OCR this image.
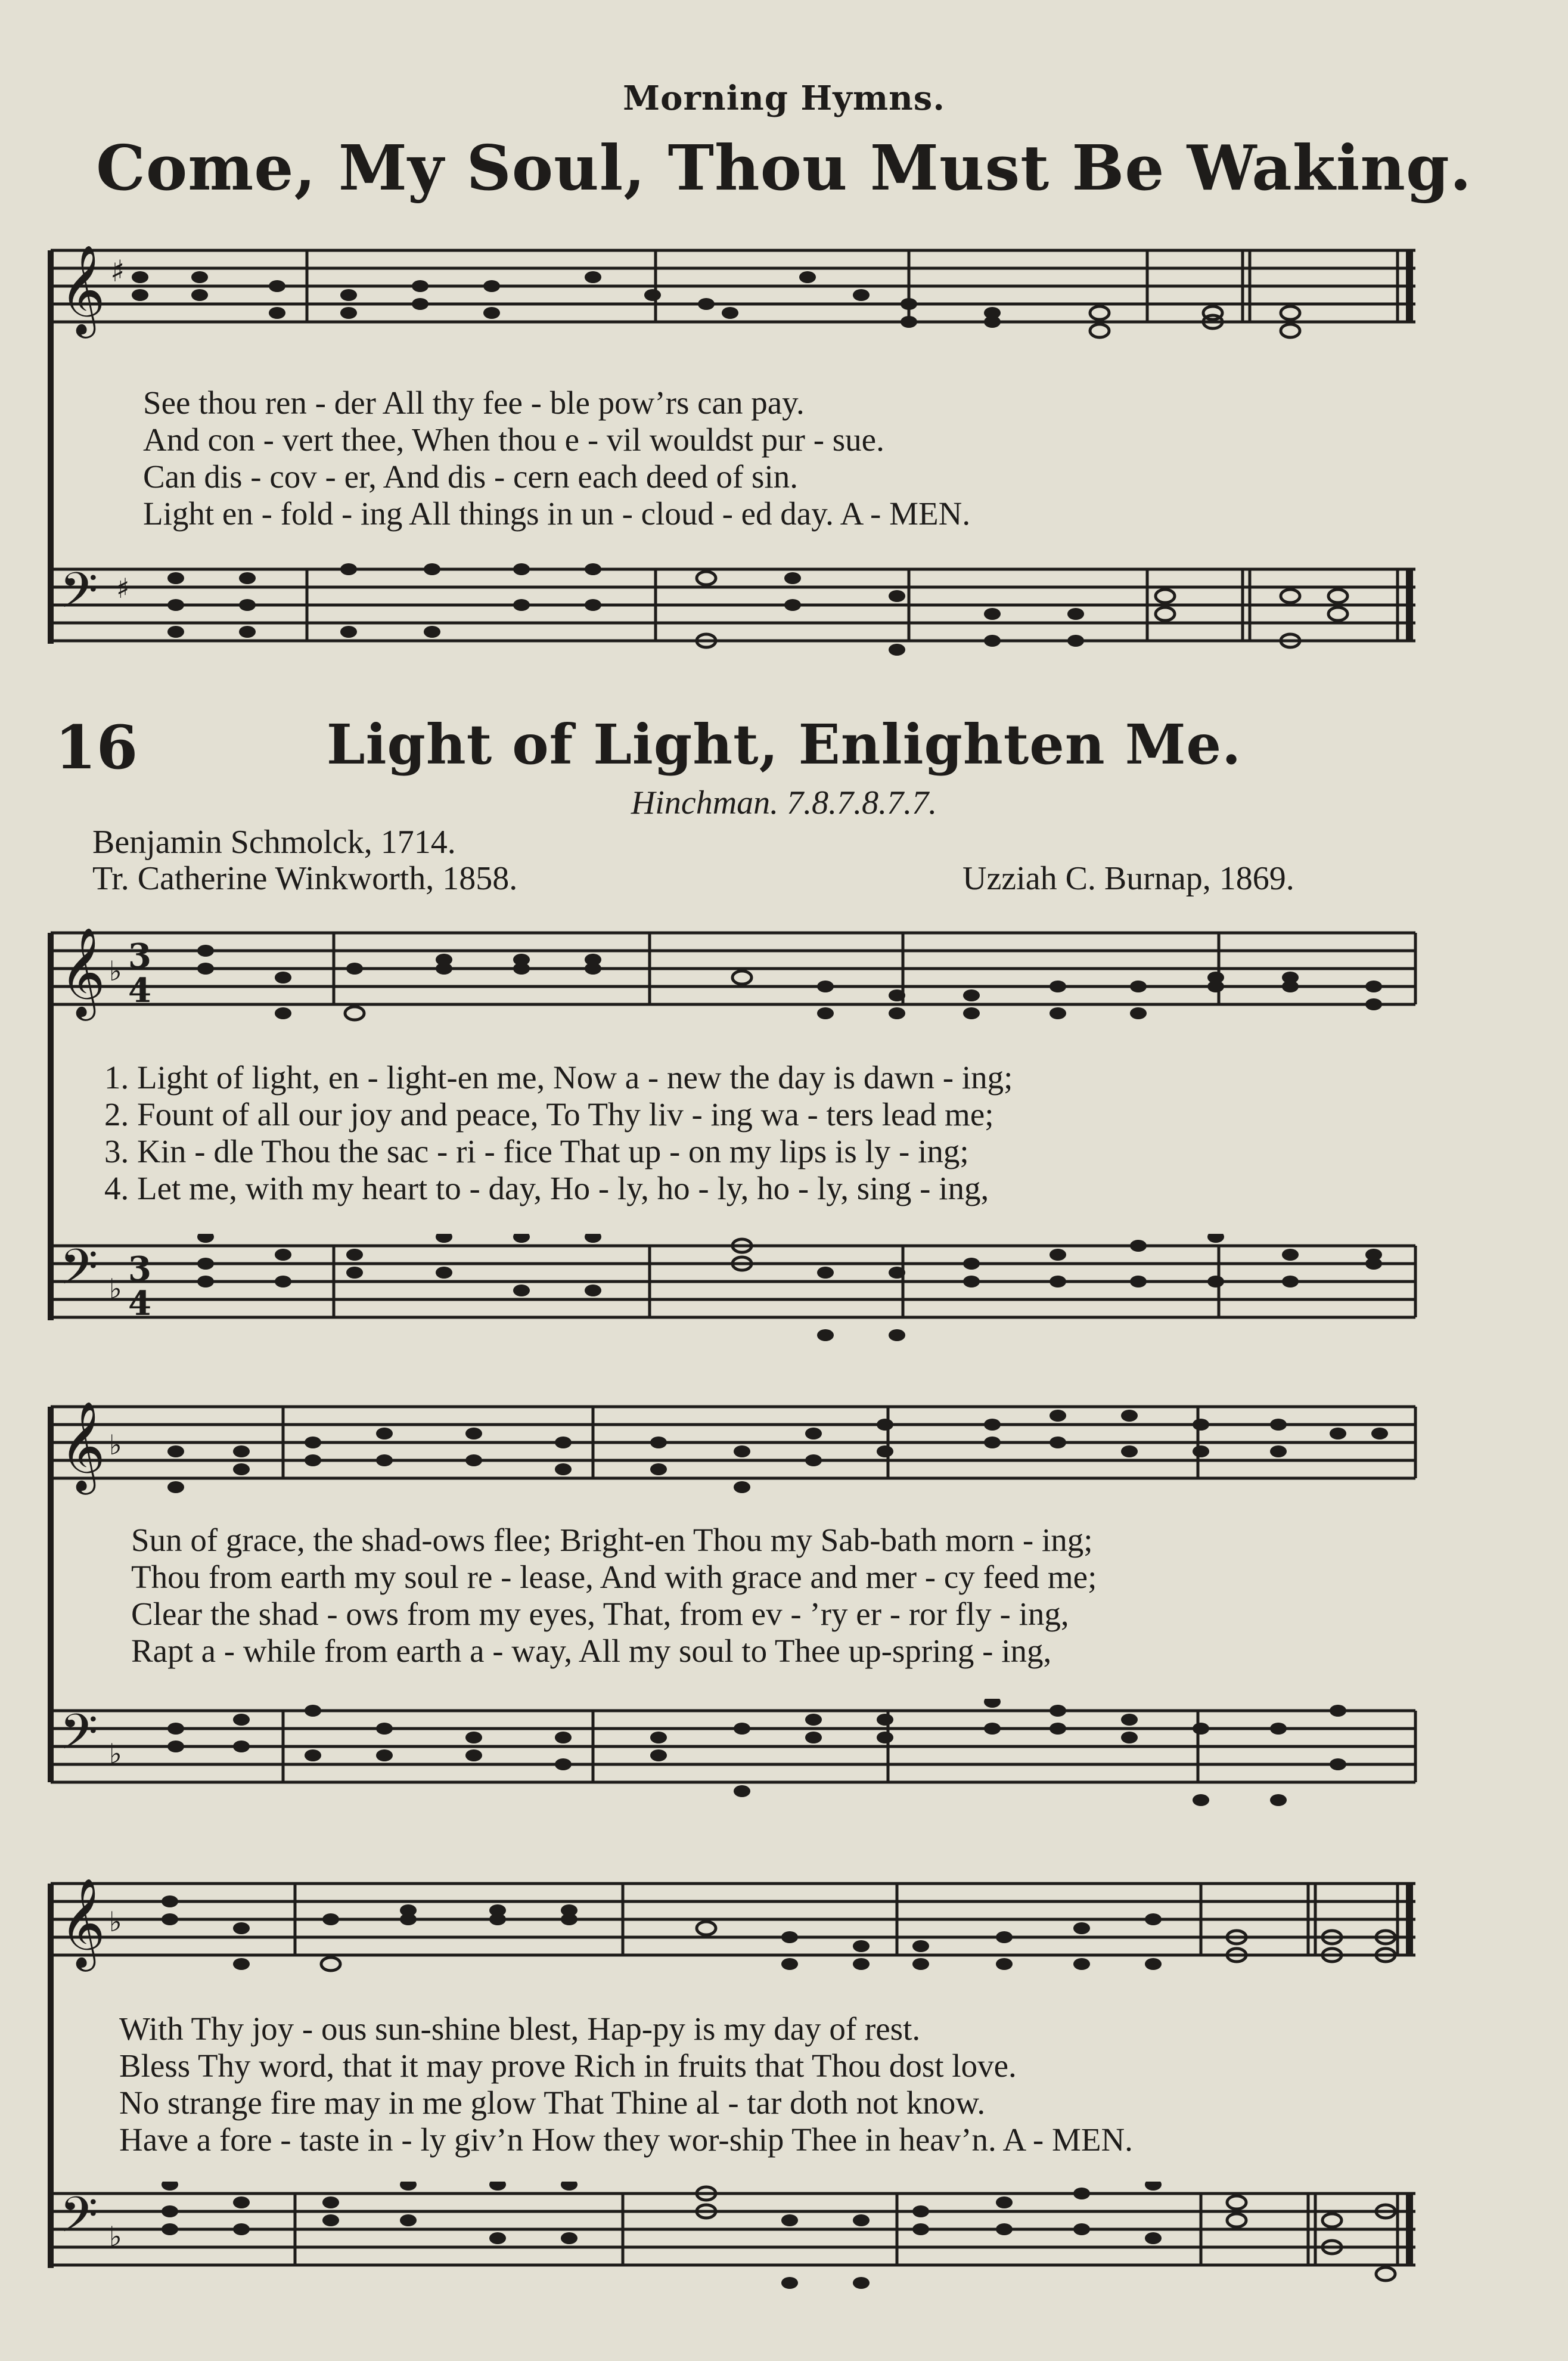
Morning Hymns.
Come, My Soul, Thou Must Be Waking.
𝄞 ♯
See thou ren - der All thy fee - ble pow’rs can pay.
And con - vert thee, When thou e - vil wouldst pur - sue.
Can dis - cov - er, And dis - cern each deed of sin.
Light en - fold - ing All things in un - cloud - ed day. A - MEN.
𝄢 ♯
16	Light of Light, Enlighten Me.
Hinchman. 7.8.7.8.7.7.
Benjamin Schmolck, 1714.
Tr. Catherine Winkworth, 1858.	Uzziah C. Burnap, 1869.
𝄞 ♭ 3
4
1. Light of light, en - light-en me, Now a - new the day is dawn - ing;
2. Fount of all our joy and peace, To Thy liv - ing wa - ters lead me;
3. Kin - dle Thou the sac - ri - fice That up - on my lips is ly - ing;
4. Let me, with my heart to - day, Ho - ly, ho - ly, ho - ly, sing - ing,
𝄢 ♭ 3
4
𝄞 ♭
Sun of grace, the shad-ows flee; Bright-en Thou my Sab-bath morn - ing;
Thou from earth my soul re - lease, And with grace and mer - cy feed me;
Clear the shad - ows from my eyes, That, from ev - ’ry er - ror fly - ing,
Rapt a - while from earth a - way, All my soul to Thee up-spring - ing,
𝄢 ♭
𝄞 ♭
With Thy joy - ous sun-shine blest, Hap-py is my day of rest.
Bless Thy word, that it may prove Rich in fruits that Thou dost love.
No strange fire may in me glow That Thine al - tar doth not know.
Have a fore - taste in - ly giv’n How they wor-ship Thee in heav’n. A - MEN.
𝄢 ♭
